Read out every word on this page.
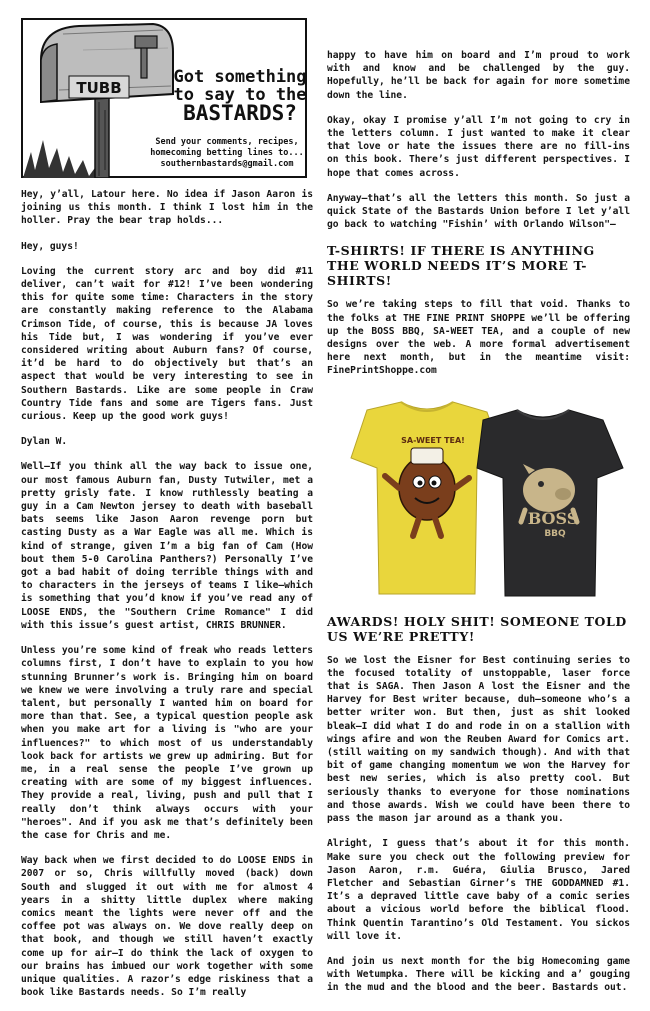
TUBB
Got something
to say to the

BASTARDS?
Send your comments, recipes,
homecoming betting lines to...
southernbastards@gmail.com

Hey, y’all, Latour here. No idea if Jason Aaron is joining us this month. I think I lost him in the holler. Pray the bear trap holds...

Hey, guys!

Loving the current story arc and boy did #11 deliver, can’t wait for #12! I’ve been wondering this for quite some time: Characters in the story are constantly making reference to the Alabama Crimson Tide, of course, this is because JA loves his Tide but, I was wondering if you’ve ever considered writing about Auburn fans? Of course, it’d be hard to do objectively but that’s an aspect that would be very interesting to see in Southern Bastards. Like are some people in Craw Country Tide fans and some are Tigers fans. Just curious. Keep up the good work guys!

Dylan W.

Well—If you think all the way back to issue one, our most famous Auburn fan, Dusty Tutwiler, met a pretty grisly fate. I know ruthlessly beating a guy in a Cam Newton jersey to death with baseball bats seems like Jason Aaron revenge porn but casting Dusty as a War Eagle was all me. Which is kind of strange, given I’m a big fan of Cam (How bout them 5-0 Carolina Panthers?) Personally I’ve got a bad habit of doing terrible things with and to characters in the jerseys of teams I like—which is something that you’d know if you’ve read any of LOOSE ENDS, the "Southern Crime Romance" I did with this issue’s guest artist, CHRIS BRUNNER.

Unless you’re some kind of freak who reads letters columns first, I don’t have to explain to you how stunning Brunner’s work is. Bringing him on board we knew we were involving a truly rare and special talent, but personally I wanted him on board for more than that. See, a typical question people ask when you make art for a living is "who are your influences?" to which most of us understandably look back for artists we grew up admiring. But for me, in a real sense the people I’ve grown up creating with are some of my biggest influences. They provide a real, living, push and pull that I really don’t think always occurs with your "heroes". And if you ask me that’s definitely been the case for Chris and me.

Way back when we first decided to do LOOSE ENDS in 2007 or so, Chris willfully moved (back) down South and slugged it out with me for almost 4 years in a shitty little duplex where making comics meant the lights were never off and the coffee pot was always on. We dove really deep on that book, and though we still haven’t exactly come up for air—I do think the lack of oxygen to our brains has imbued our work together with some unique qualities. A razor’s edge riskiness that a book like Bastards needs. So I’m really

happy to have him on board and I’m proud to work with and know and be challenged by the guy. Hopefully, he’ll be back for again for more sometime down the line.

Okay, okay I promise y’all I’m not going to cry in the letters column. I just wanted to make it clear that love or hate the issues there are no fill-ins on this book. There’s just different perspectives. I hope that comes across.

Anyway—that’s all the letters this month. So just a quick State of the Bastards Union before I let y’all go back to watching "Fishin’ with Orlando Wilson"—

T-SHIRTS! IF THERE IS ANYTHING THE WORLD NEEDS IT’S MORE T-SHIRTS!

So we’re taking steps to fill that void. Thanks to the folks at THE FINE PRINT SHOPPE we’ll be offering up the BOSS BBQ, SA-WEET TEA, and a couple of new designs over the web. A more formal advertisement here next month, but in the meantime visit: FinePrintShoppe.com

SA-WEET TEA!
BOSS
BBQ
AWARDS! HOLY SHIT! SOMEONE TOLD US WE’RE PRETTY!

So we lost the Eisner for Best continuing series to the focused totality of unstoppable, laser force that is SAGA. Then Jason A lost the Eisner and the Harvey for Best writer because, duh—someone who’s a better writer won. But then, just as shit looked bleak—I did what I do and rode in on a stallion with wings afire and won the Reuben Award for Comics art. (still waiting on my sandwich though). And with that bit of game changing momentum we won the Harvey for best new series, which is also pretty cool. But seriously thanks to everyone for those nominations and those awards. Wish we could have been there to pass the mason jar around as a thank you.

Alright, I guess that’s about it for this month. Make sure you check out the following preview for Jason Aaron, r.m. Guéra, Giulia Brusco, Jared Fletcher and Sebastian Girner’s THE GODDAMNED #1. It’s a depraved little cave baby of a comic series about a vicious world before the biblical flood. Think Quentin Tarantino’s Old Testament. You sickos will love it.

And join us next month for the big Homecoming game with Wetumpka. There will be kicking and a’ gouging in the mud and the blood and the beer. Bastards out.
